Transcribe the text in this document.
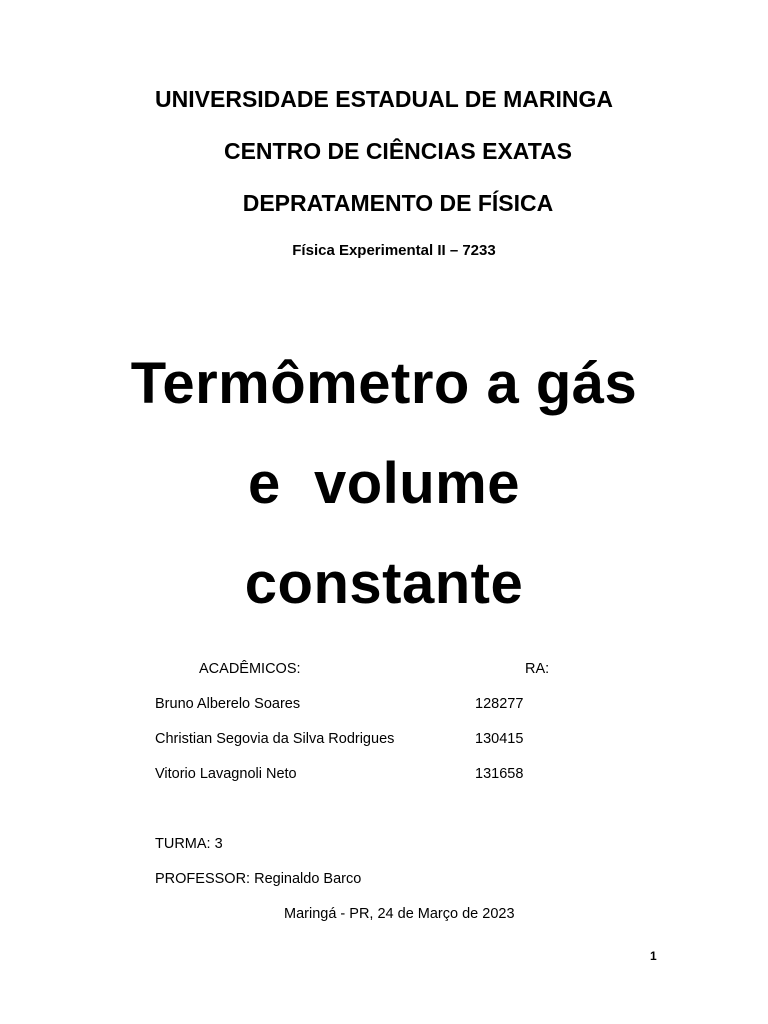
UNIVERSIDADE ESTADUAL DE MARINGA
CENTRO DE CIÊNCIAS EXATAS
DEPRATAMENTO DE FÍSICA
Física Experimental II – 7233
Termômetro a gás
e  volume
constante
ACADÊMICOS:	RA:
Bruno Alberelo Soares	128277
Christian Segovia da Silva Rodrigues	130415
Vitorio Lavagnoli Neto	131658
TURMA: 3
PROFESSOR: Reginaldo Barco
Maringá - PR, 24 de Março de 2023
1
